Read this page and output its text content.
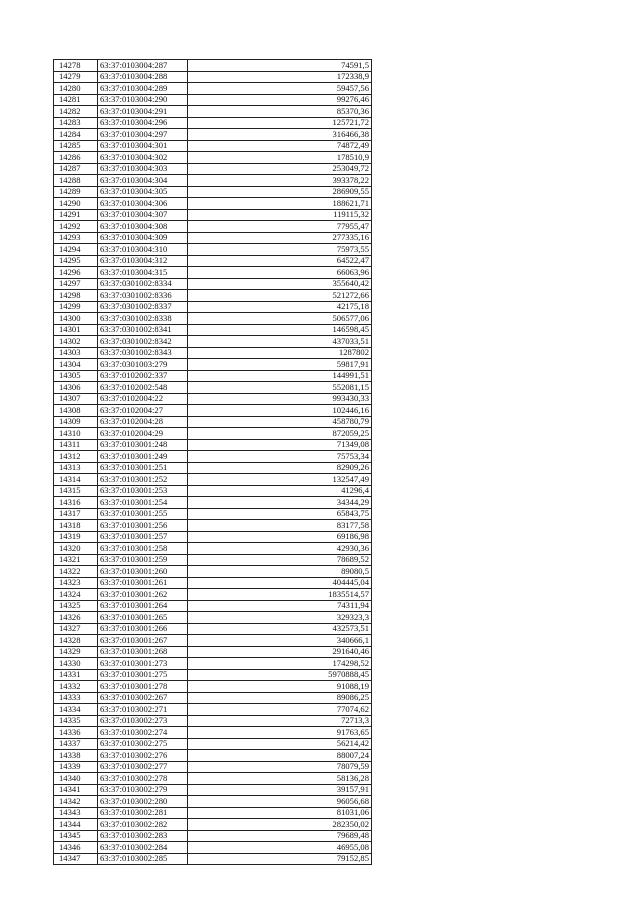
14278	63:37:0103004:287	74591,5
14279	63:37:0103004:288	172338,9
14280	63:37:0103004:289	59457,56
14281	63:37:0103004:290	99276,46
14282	63:37:0103004:291	85370,36
14283	63:37:0103004:296	125721,72
14284	63:37:0103004:297	316466,38
14285	63:37:0103004:301	74872,49
14286	63:37:0103004:302	178510,9
14287	63:37:0103004:303	253049,72
14288	63:37:0103004:304	393378,22
14289	63:37:0103004:305	286909,55
14290	63:37:0103004:306	188621,71
14291	63:37:0103004:307	119115,32
14292	63:37:0103004:308	77955,47
14293	63:37:0103004:309	277335,16
14294	63:37:0103004:310	75973,55
14295	63:37:0103004:312	64522,47
14296	63:37:0103004:315	66063,96
14297	63:37:0301002:8334	355640,42
14298	63:37:0301002:8336	521272,66
14299	63:37:0301002:8337	42175,18
14300	63:37:0301002:8338	506577,06
14301	63:37:0301002:8341	146598,45
14302	63:37:0301002:8342	437033,51
14303	63:37:0301002:8343	1287802
14304	63:37:0301003:279	59817,91
14305	63:37:0102002:337	144991,51
14306	63:37:0102002:548	552081,15
14307	63:37:0102004:22	993430,33
14308	63:37:0102004:27	102446,16
14309	63:37:0102004:28	458780,79
14310	63:37:0102004:29	872059,25
14311	63:37:0103001:248	71349,08
14312	63:37:0103001:249	75753,34
14313	63:37:0103001:251	82909,26
14314	63:37:0103001:252	132547,49
14315	63:37:0103001:253	41296,4
14316	63:37:0103001:254	34344,29
14317	63:37:0103001:255	65843,75
14318	63:37:0103001:256	83177,58
14319	63:37:0103001:257	69186,98
14320	63:37:0103001:258	42930,36
14321	63:37:0103001:259	78689,52
14322	63:37:0103001:260	89080,5
14323	63:37:0103001:261	404445,04
14324	63:37:0103001:262	1835514,57
14325	63:37:0103001:264	74311,94
14326	63:37:0103001:265	329323,3
14327	63:37:0103001:266	432573,51
14328	63:37:0103001:267	340666,1
14329	63:37:0103001:268	291640,46
14330	63:37:0103001:273	174298,52
14331	63:37:0103001:275	5970888,45
14332	63:37:0103001:278	91088,19
14333	63:37:0103002:267	89086,25
14334	63:37:0103002:271	77074,62
14335	63:37:0103002:273	72713,3
14336	63:37:0103002:274	91763,65
14337	63:37:0103002:275	56214,42
14338	63:37:0103002:276	88007,24
14339	63:37:0103002:277	78079,59
14340	63:37:0103002:278	58136,28
14341	63:37:0103002:279	39157,91
14342	63:37:0103002:280	96056,68
14343	63:37:0103002:281	81031,06
14344	63:37:0103002:282	282350,02
14345	63:37:0103002:283	79689,48
14346	63:37:0103002:284	46955,08
14347	63:37:0103002:285	79152,85
